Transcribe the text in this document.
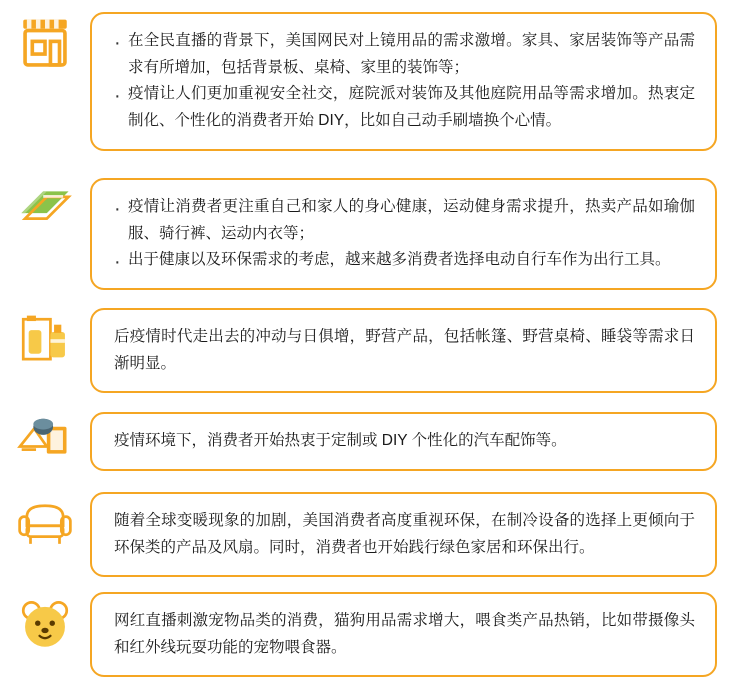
· 在全民直播的背景下，美国网民对上镜用品的需求激增。家具、家居装饰等产品需求有所增加，包括背景板、桌椅、家里的装饰等；
· 疫情让人们更加重视安全社交，庭院派对装饰及其他庭院用品等需求增加。热衷定制化、个性化的消费者开始 DIY，比如自己动手刷墙换个心情。
· 疫情让消费者更注重自己和家人的身心健康，运动健身需求提升，热卖产品如瑜伽服、骑行裤、运动内衣等；
· 出于健康以及环保需求的考虑，越来越多消费者选择电动自行车作为出行工具。

后疫情时代走出去的冲动与日俱增，野营产品，包括帐篷、野营桌椅、睡袋等需求日渐明显。

疫情环境下，消费者开始热衷于定制或 DIY 个性化的汽车配饰等。

随着全球变暖现象的加剧，美国消费者高度重视环保，在制冷设备的选择上更倾向于环保类的产品及风扇。同时，消费者也开始践行绿色家居和环保出行。

网红直播刺激宠物品类的消费，猫狗用品需求增大，喂食类产品热销，比如带摄像头和红外线玩耍功能的宠物喂食器。
